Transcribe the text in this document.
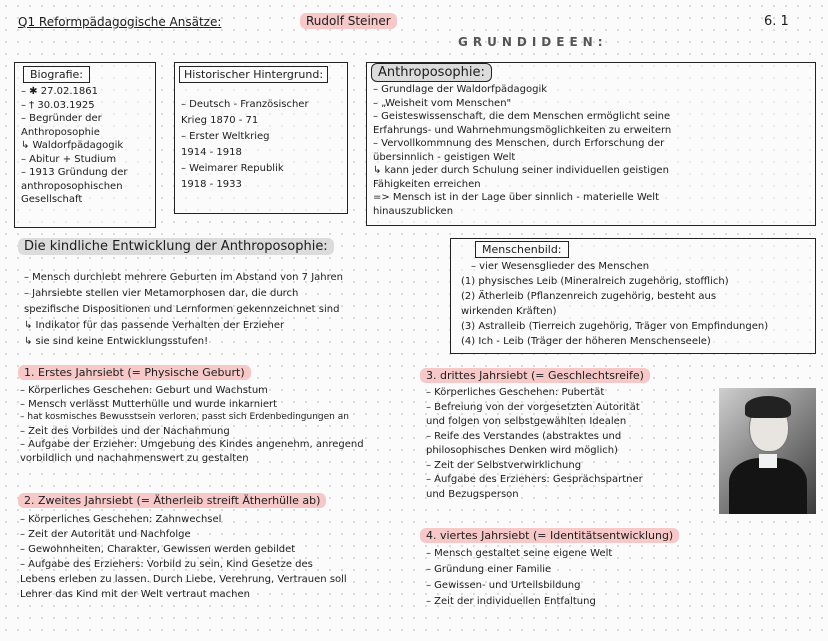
Q1 Reformpädagogische Ansätze:	Rudolf Steiner	6. 1
GRUNDIDEEN:
Biografie:
– ✱ 27.02.1861
– † 30.03.1925
– Begründer der
Anthroposophie
↳ Waldorfpädagogik
– Abitur + Studium
– 1913 Gründung der
anthroposophischen
Gesellschaft
Historischer Hintergrund:
– Deutsch - Französischer
Krieg 1870 - 71
– Erster Weltkrieg
1914 - 1918
– Weimarer Republik
1918 - 1933
Anthroposophie:
– Grundlage der Waldorfpädagogik
– „Weisheit vom Menschen"
– Geisteswissenschaft, die dem Menschen ermöglicht seine
Erfahrungs- und Wahrnehmungsmöglichkeiten zu erweitern
– Vervollkommnung des Menschen, durch Erforschung der
übersinnlich - geistigen Welt
↳ kann jeder durch Schulung seiner individuellen geistigen
Fähigkeiten erreichen
=> Mensch ist in der Lage über sinnlich - materielle Welt
hinauszublicken
Die kindliche Entwicklung der Anthroposophie:
– Mensch durchlebt mehrere Geburten im Abstand von 7 Jahren
– Jahrsiebte stellen vier Metamorphosen dar, die durch
spezifische Dispositionen und Lernformen gekennzeichnet sind
↳ Indikator für das passende Verhalten der Erzieher
↳ sie sind keine Entwicklungsstufen!
Menschenbild:
– vier Wesensglieder des Menschen
(1) physisches Leib (Mineralreich zugehörig, stofflich)
(2) Ätherleib (Pflanzenreich zugehörig, besteht aus
wirkenden Kräften)
(3) Astralleib (Tierreich zugehörig, Träger von Empfindungen)
(4) Ich - Leib (Träger der höheren Menschenseele)
1. Erstes Jahrsiebt (= Physische Geburt)
– Körperliches Geschehen: Geburt und Wachstum
– Mensch verlässt Mutterhülle und wurde inkarniert
– hat kosmisches Bewusstsein verloren, passt sich Erdenbedingungen an
– Zeit des Vorbildes und der Nachahmung
– Aufgabe der Erzieher: Umgebung des Kindes angenehm, anregend
vorbildlich und nachahmenswert zu gestalten
2. Zweites Jahrsiebt (= Ätherleib streift Ätherhülle ab)
– Körperliches Geschehen: Zahnwechsel
– Zeit der Autorität und Nachfolge
– Gewohnheiten, Charakter, Gewissen werden gebildet
– Aufgabe des Erziehers: Vorbild zu sein, Kind Gesetze des
Lebens erleben zu lassen. Durch Liebe, Verehrung, Vertrauen soll
Lehrer das Kind mit der Welt vertraut machen
3. drittes Jahrsiebt (= Geschlechtsreife)
– Körperliches Geschehen: Pubertät
– Befreiung von der vorgesetzten Autorität
und folgen von selbstgewählten Idealen
– Reife des Verstandes (abstraktes und
philosophisches Denken wird möglich)
– Zeit der Selbstverwirklichung
– Aufgabe des Erziehers: Gesprächspartner
und Bezugsperson
4. viertes Jahrsiebt (= Identitätsentwicklung)
– Mensch gestaltet seine eigene Welt
– Gründung einer Familie
– Gewissen- und Urteilsbildung
– Zeit der individuellen Entfaltung
